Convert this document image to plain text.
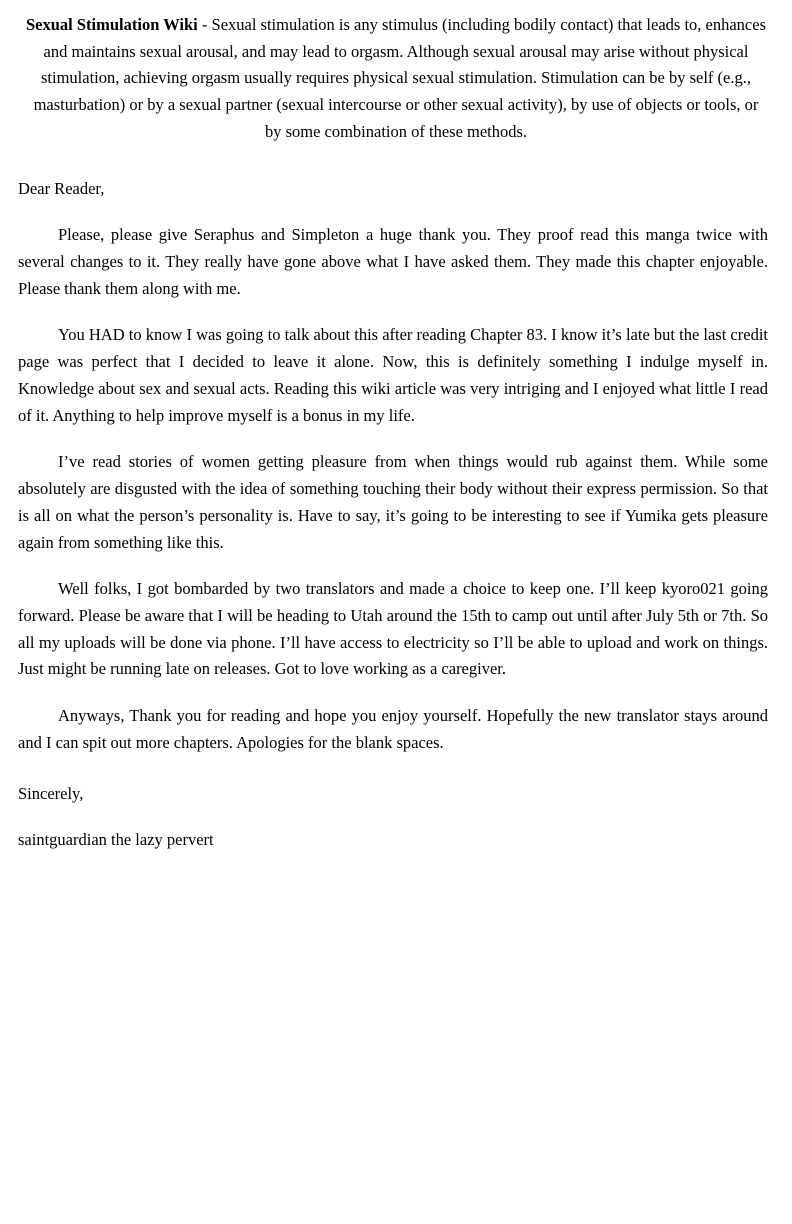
Sexual Stimulation Wiki - Sexual stimulation is any stimulus (including bodily contact) that leads to, enhances and maintains sexual arousal, and may lead to orgasm. Although sexual arousal may arise without physical stimulation, achieving orgasm usually requires physical sexual stimulation. Stimulation can be by self (e.g., masturbation) or by a sexual partner (sexual intercourse or other sexual activity), by use of objects or tools, or by some combination of these methods.

Dear Reader,

Please, please give Seraphus and Simpleton a huge thank you. They proof read this manga twice with several changes to it. They really have gone above what I have asked them. They made this chapter enjoyable. Please thank them along with me.

You HAD to know I was going to talk about this after reading Chapter 83. I know it’s late but the last credit page was perfect that I decided to leave it alone. Now, this is definitely something I indulge myself in. Knowledge about sex and sexual acts. Reading this wiki article was very intriging and I enjoyed what little I read of it. Anything to help improve myself is a bonus in my life.

I’ve read stories of women getting pleasure from when things would rub against them. While some absolutely are disgusted with the idea of something touching their body without their express permission. So that is all on what the person’s personality is. Have to say, it’s going to be interesting to see if Yumika gets pleasure again from something like this.

Well folks, I got bombarded by two translators and made a choice to keep one. I’ll keep kyoro021 going forward. Please be aware that I will be heading to Utah around the 15th to camp out until after July 5th or 7th. So all my uploads will be done via phone. I’ll have access to electricity so I’ll be able to upload and work on things. Just might be running late on releases. Got to love working as a caregiver.

Anyways, Thank you for reading and hope you enjoy yourself. Hopefully the new translator stays around and I can spit out more chapters. Apologies for the blank spaces.

Sincerely,

saintguardian the lazy pervert
